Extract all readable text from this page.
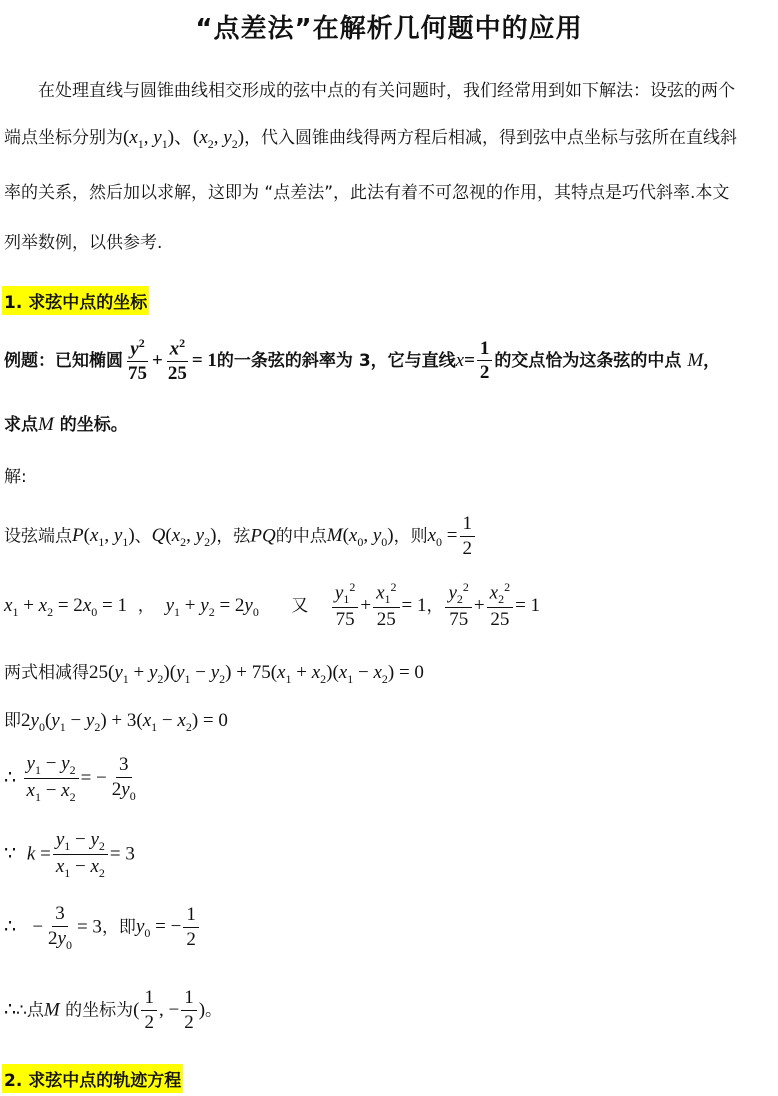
“点差法”在解析几何题中的应用
在处理直线与圆锥曲线相交形成的弦中点的有关问题时，我们经常用到如下解法：设弦的两个
端点坐标分别为($x_1$, $y_1$)、($x_2$, $y_2$)，代入圆锥曲线得两方程后相减，得到弦中点坐标与弦所在直线斜
率的关系，然后加以求解，这即为 “点差法”，此法有着不可忽视的作用，其特点是巧代斜率.本文
列举数例，以供参考.
1. 求弦中点的坐标
例题：已知椭圆 $\frac{y^2}{75} + \frac{x^2}{25} = 1$的一条弦的斜率为 3，它与直线$x= \frac{1}{2}$ 的交点恰为这条弦的中点 M，
求点M 的坐标。
解:
设弦端点$P(x_1$, $y_1$)、$Q(x_2$, $y_2$)，弦PQ的中点$M(x_0$, $y_0$)，则$x_0 = \frac{1}{2}$
$x_1 + x_2 = 2x_0 = 1$  ，  $y_1 + y_2 = 2y_0$ 又 $\frac{y_1^2}{75} + \frac{x_1^2}{25} = 1$， $\frac{y_2^2}{75} + \frac{x_2^2}{25} = 1$
两式相减得$25(y_1 + y_2)(y_1 - y_2) + 75(x_1 + x_2)(x_1 - x_2) = 0$
即$2y_0(y_1 - y_2) + 3(x_1 - x_2) = 0$
∴ $\frac{y_1 - y_2}{x_1 - x_2}$ = − $\frac{3}{2y_0}$
∵ $k = \frac{y_1 - y_2}{x_1 - x_2} = 3$
∴ − $\frac{3}{2y_0} = 3$，即$y_0$ = − $\frac{1}{2}$
∴∴点M 的坐标为( $\frac{1}{2}$ , − $\frac{1}{2}$ )。
2. 求弦中点的轨迹方程
